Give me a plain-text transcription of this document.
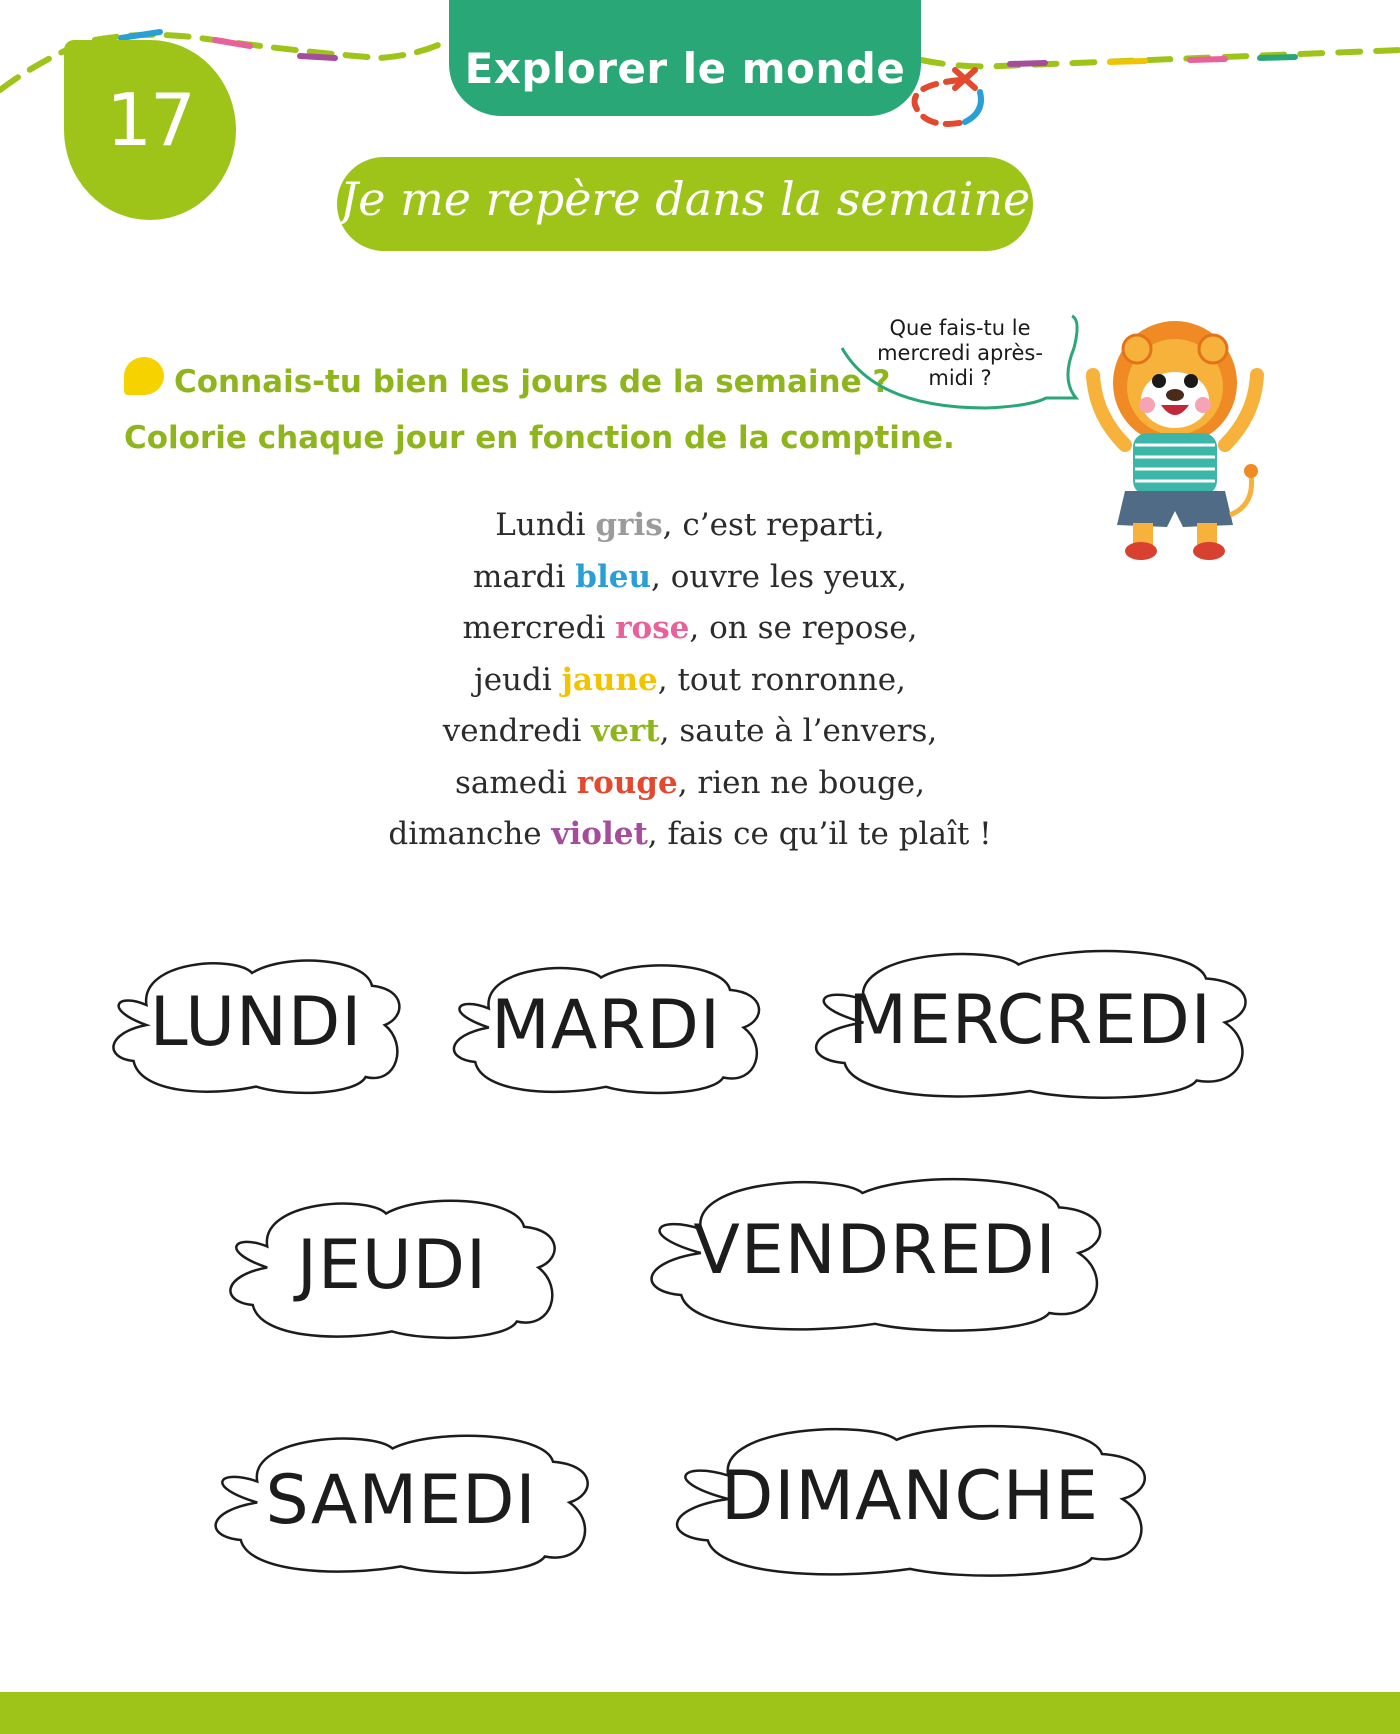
17
Explorer le monde
Je me repère dans la semaine
Connais-tu bien les jours de la semaine ?
Colorie chaque jour en fonction de la comptine.
Que fais-tu le
mercredi après-
midi ?
Lundi gris, c’est reparti,
mardi bleu, ouvre les yeux,
mercredi rose, on se repose,
jeudi jaune, tout ronronne,
vendredi vert, saute à l’envers,
samedi rouge, rien ne bouge,
dimanche violet, fais ce qu’il te plaît !
LUNDI	MARDI	MERCREDI
JEUDI	VENDREDI
SAMEDI	DIMANCHE
